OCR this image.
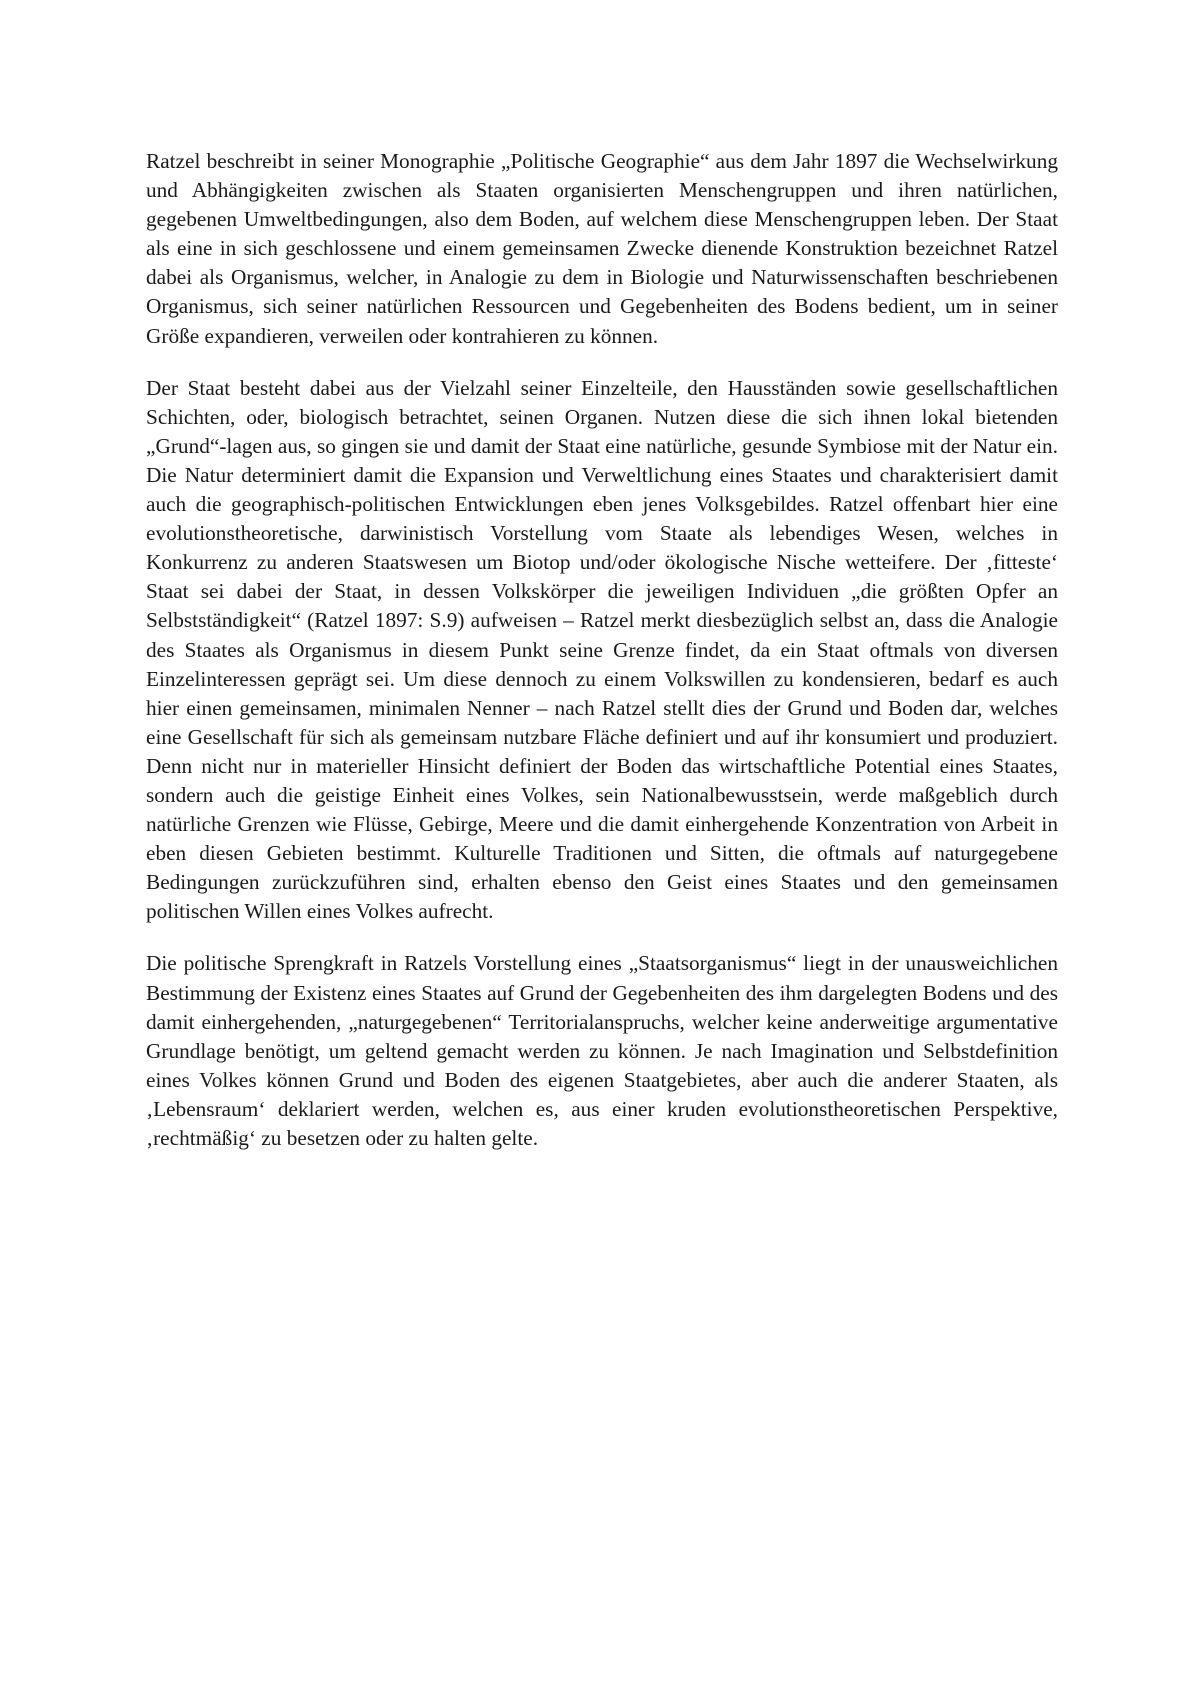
Ratzel beschreibt in seiner Monographie „Politische Geographie“ aus dem Jahr 1897 die Wechselwirkung und Abhängigkeiten zwischen als Staaten organisierten Menschengruppen und ihren natürlichen, gegebenen Umweltbedingungen, also dem Boden, auf welchem diese Menschengruppen leben. Der Staat als eine in sich geschlossene und einem gemeinsamen Zwecke dienende Konstruktion bezeichnet Ratzel dabei als Organismus, welcher, in Analogie zu dem in Biologie und Naturwissenschaften beschriebenen Organismus, sich seiner natürlichen Ressourcen und Gegebenheiten des Bodens bedient, um in seiner Größe expandieren, verweilen oder kontrahieren zu können.

Der Staat besteht dabei aus der Vielzahl seiner Einzelteile, den Hausständen sowie gesellschaftlichen Schichten, oder, biologisch betrachtet, seinen Organen. Nutzen diese die sich ihnen lokal bietenden „Grund“-lagen aus, so gingen sie und damit der Staat eine natürliche, gesunde Symbiose mit der Natur ein. Die Natur determiniert damit die Expansion und Verweltlichung eines Staates und charakterisiert damit auch die geographisch-politischen Entwicklungen eben jenes Volksgebildes. Ratzel offenbart hier eine evolutionstheoretische, darwinistisch Vorstellung vom Staate als lebendiges Wesen, welches in Konkurrenz zu anderen Staatswesen um Biotop und/oder ökologische Nische wetteifere. Der ‚fitteste‘ Staat sei dabei der Staat, in dessen Volkskörper die jeweiligen Individuen „die größten Opfer an Selbstständigkeit“ (Ratzel 1897: S.9) aufweisen – Ratzel merkt diesbezüglich selbst an, dass die Analogie des Staates als Organismus in diesem Punkt seine Grenze findet, da ein Staat oftmals von diversen Einzelinteressen geprägt sei. Um diese dennoch zu einem Volkswillen zu kondensieren, bedarf es auch hier einen gemeinsamen, minimalen Nenner – nach Ratzel stellt dies der Grund und Boden dar, welches eine Gesellschaft für sich als gemeinsam nutzbare Fläche definiert und auf ihr konsumiert und produziert. Denn nicht nur in materieller Hinsicht definiert der Boden das wirtschaftliche Potential eines Staates, sondern auch die geistige Einheit eines Volkes, sein Nationalbewusstsein, werde maßgeblich durch natürliche Grenzen wie Flüsse, Gebirge, Meere und die damit einhergehende Konzentration von Arbeit in eben diesen Gebieten bestimmt. Kulturelle Traditionen und Sitten, die oftmals auf naturgegebene Bedingungen zurückzuführen sind, erhalten ebenso den Geist eines Staates und den gemeinsamen politischen Willen eines Volkes aufrecht.

Die politische Sprengkraft in Ratzels Vorstellung eines „Staatsorganismus“ liegt in der unausweichlichen Bestimmung der Existenz eines Staates auf Grund der Gegebenheiten des ihm dargelegten Bodens und des damit einhergehenden, „naturgegebenen“ Territorialanspruchs, welcher keine anderweitige argumentative Grundlage benötigt, um geltend gemacht werden zu können. Je nach Imagination und Selbstdefinition eines Volkes können Grund und Boden des eigenen Staatgebietes, aber auch die anderer Staaten, als ‚Lebensraum‘ deklariert werden, welchen es, aus einer kruden evolutionstheoretischen Perspektive, ‚rechtmäßig‘ zu besetzen oder zu halten gelte.
